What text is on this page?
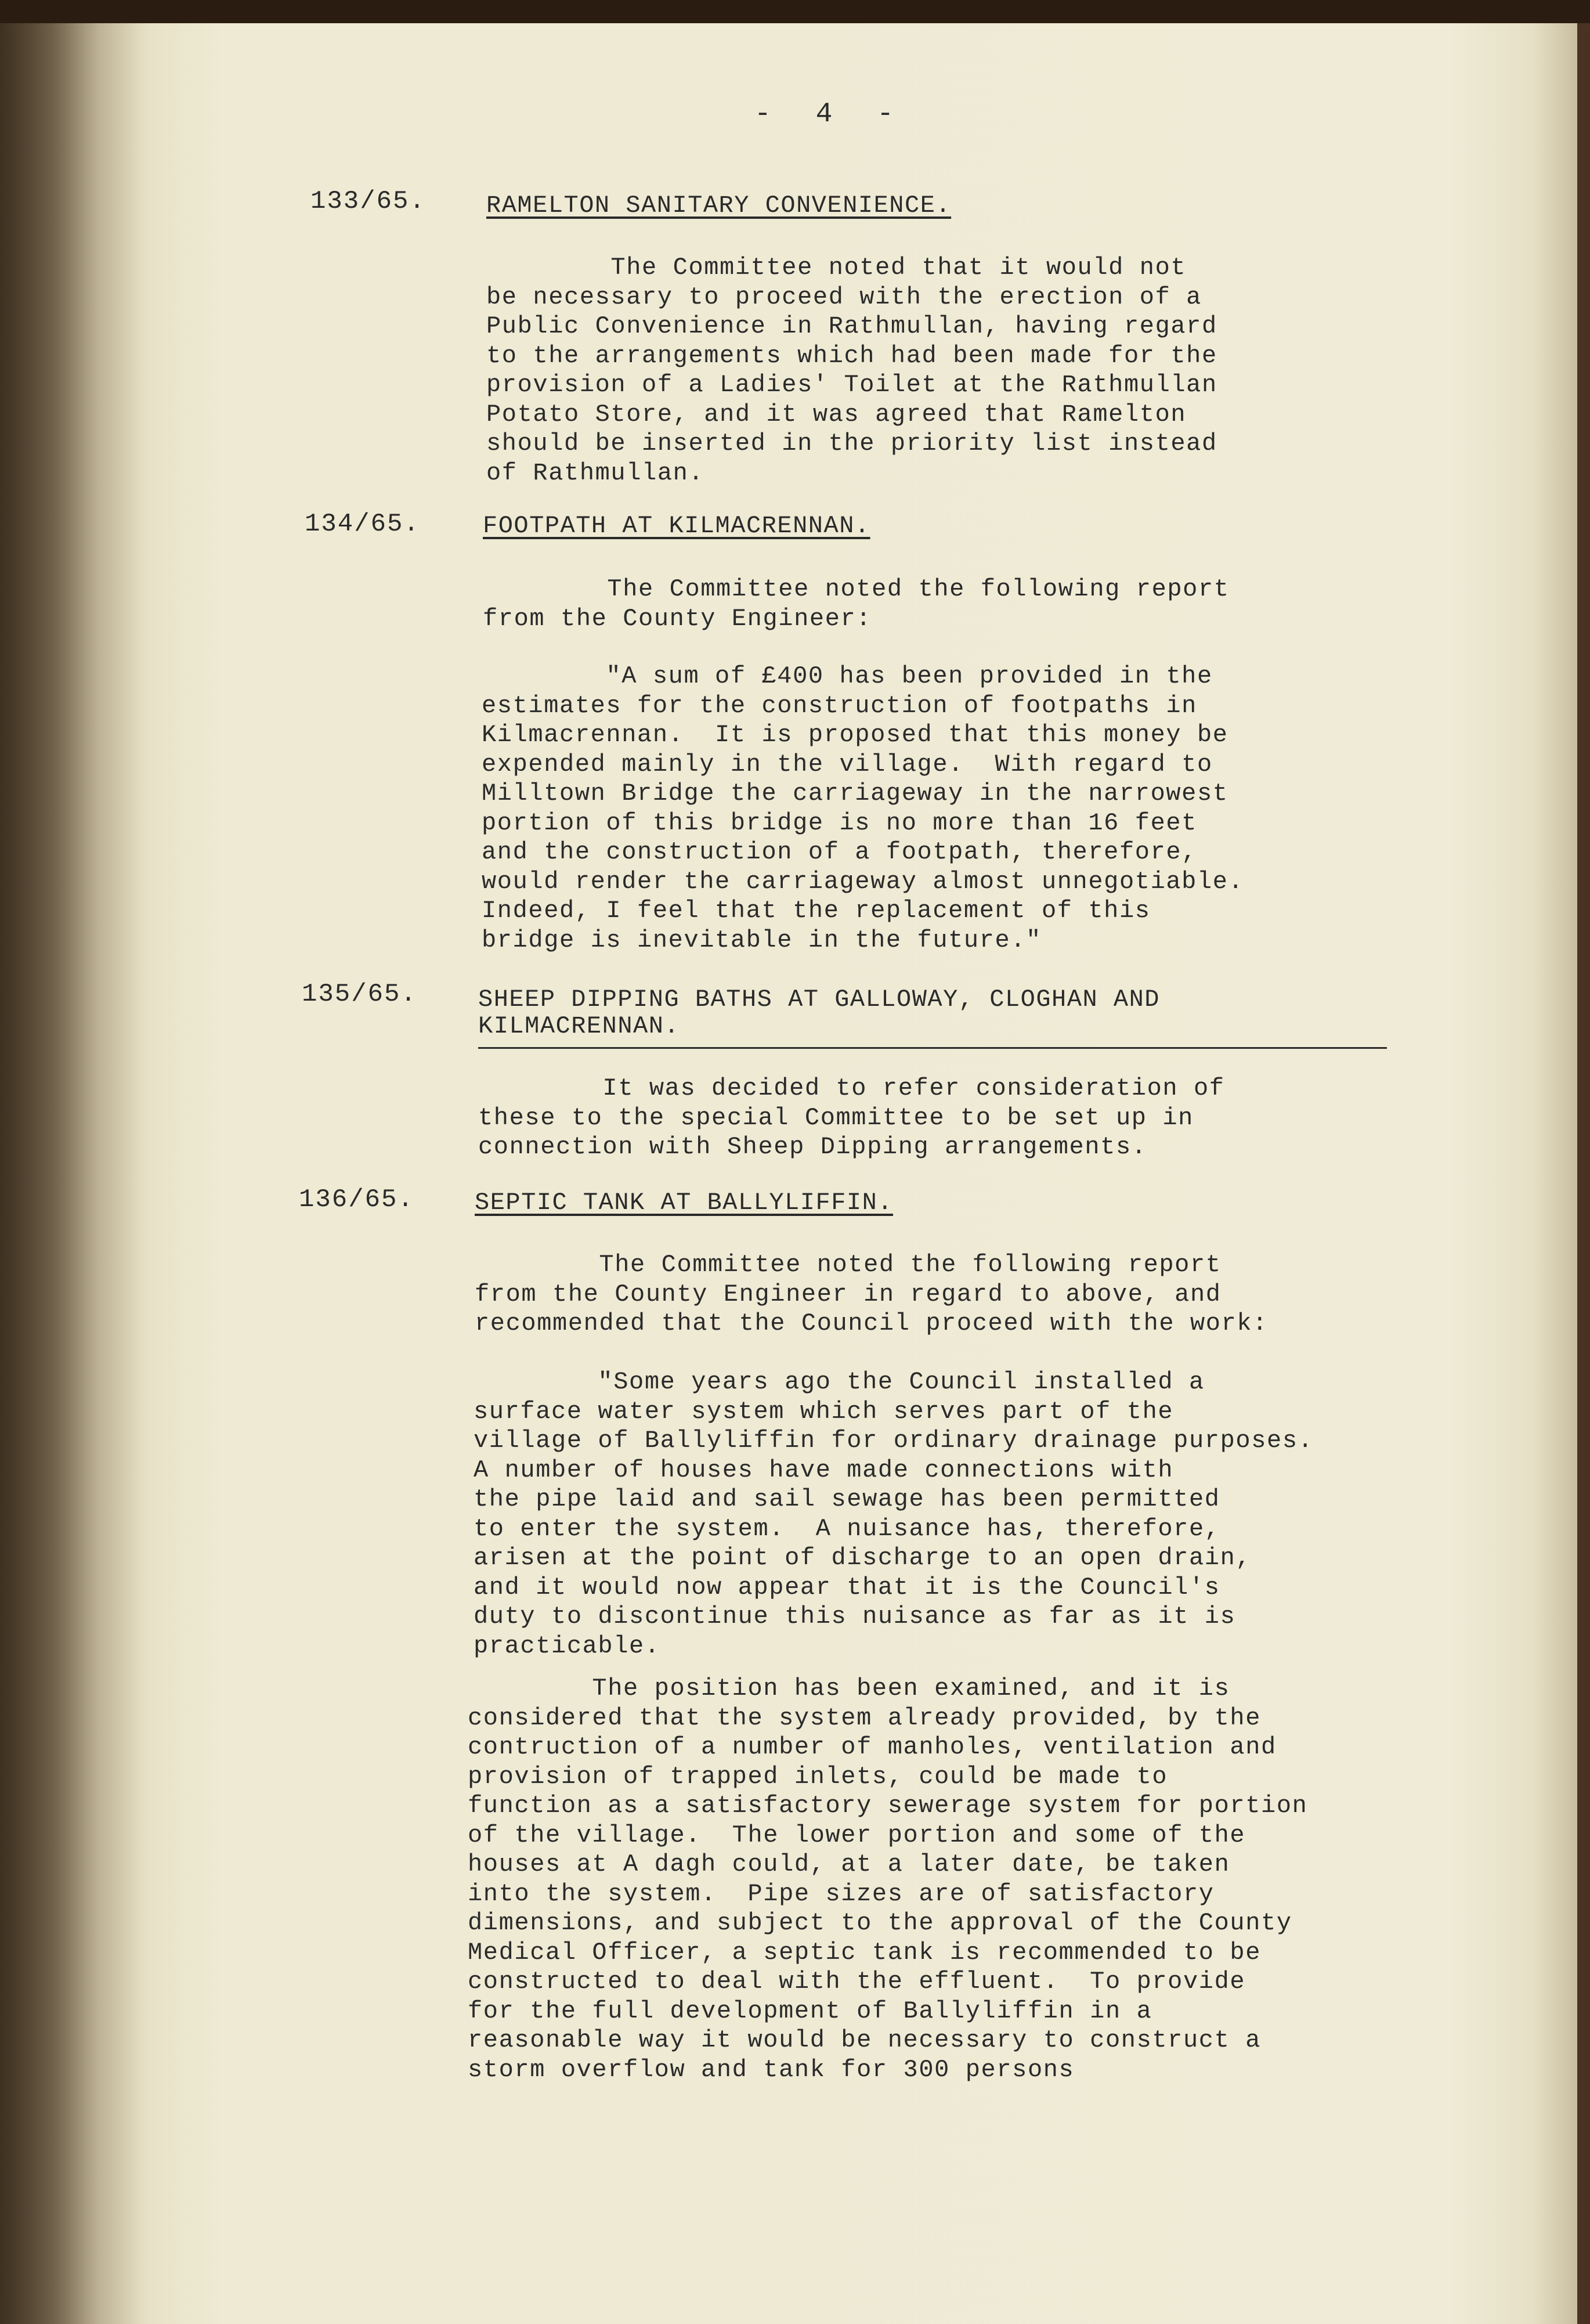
- 4 -
133/65. RAMELTON SANITARY CONVENIENCE.
The Committee noted that it would not
be necessary to proceed with the erection of a
Public Convenience in Rathmullan, having regard
to the arrangements which had been made for the
provision of a Ladies' Toilet at the Rathmullan
Potato Store, and it was agreed that Ramelton
should be inserted in the priority list instead
of Rathmullan.
134/65.	FOOTPATH AT KILMACRENNAN.
The Committee noted the following report
from the County Engineer:
"A sum of £400 has been provided in the
estimates for the construction of footpaths in
Kilmacrennan.  It is proposed that this money be
expended mainly in the village.  With regard to
Milltown Bridge the carriageway in the narrowest
portion of this bridge is no more than 16 feet
and the construction of a footpath, therefore,
would render the carriageway almost unnegotiable.
Indeed, I feel that the replacement of this
bridge is inevitable in the future."
135/65.	SHEEP DIPPING BATHS AT GALLOWAY, CLOGHAN AND
KILMACRENNAN.
It was decided to refer consideration of
these to the special Committee to be set up in
connection with Sheep Dipping arrangements.
136/65. SEPTIC TANK AT BALLYLIFFIN.
The Committee noted the following report
from the County Engineer in regard to above, and
recommended that the Council proceed with the work:
"Some years ago the Council installed a
surface water system which serves part of the
village of Ballyliffin for ordinary drainage purposes.
A number of houses have made connections with
the pipe laid and sail sewage has been permitted
to enter the system.  A nuisance has, therefore,
arisen at the point of discharge to an open drain,
and it would now appear that it is the Council's
duty to discontinue this nuisance as far as it is
practicable.
The position has been examined, and it is
considered that the system already provided, by the
contruction of a number of manholes, ventilation and
provision of trapped inlets, could be made to
function as a satisfactory sewerage system for portion
of the village.  The lower portion and some of the
houses at A dagh could, at a later date, be taken
into the system.  Pipe sizes are of satisfactory
dimensions, and subject to the approval of the County
Medical Officer, a septic tank is recommended to be
constructed to deal with the effluent.  To provide
for the full development of Ballyliffin in a
reasonable way it would be necessary to construct a
storm overflow and tank for 300 persons
